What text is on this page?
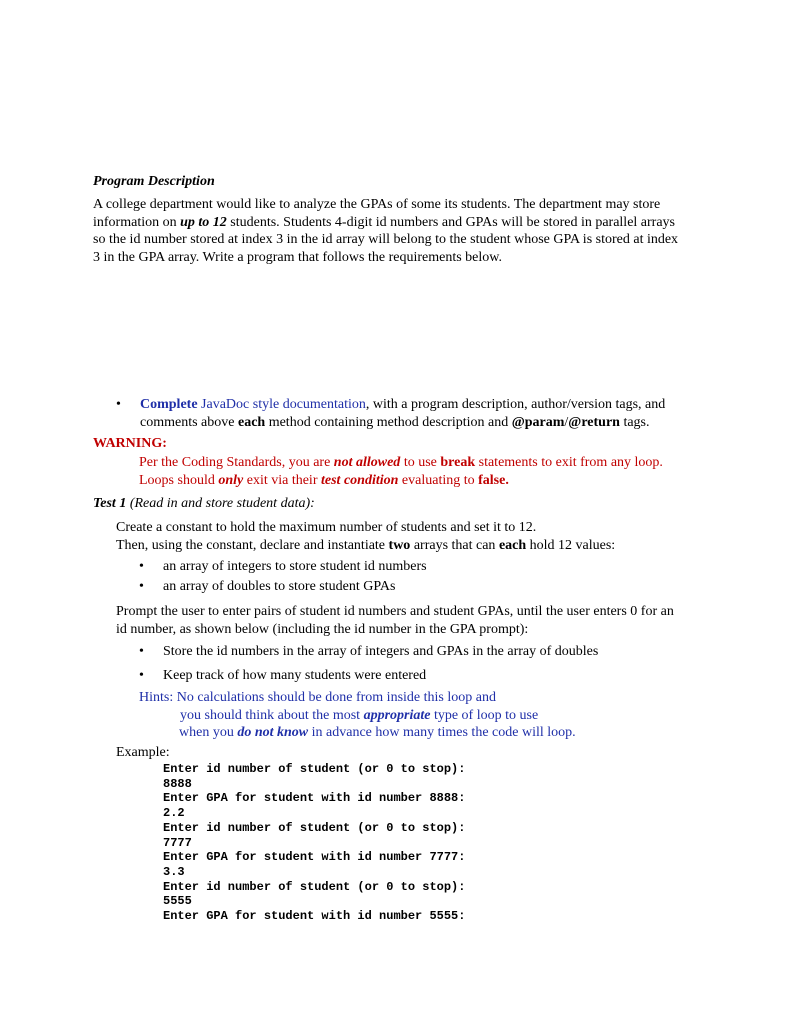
Program Description
A college department would like to analyze the GPAs of some its students. The department may store
information on up to 12 students. Students 4-digit id numbers and GPAs will be stored in parallel arrays
so the id number stored at index 3 in the id array will belong to the student whose GPA is stored at index
3 in the GPA array. Write a program that follows the requirements below.
•	Complete JavaDoc style documentation, with a program description, author/version tags, and
comments above each method containing method description and @param/@return tags.
WARNING:
Per the Coding Standards, you are not allowed to use break statements to exit from any loop.
Loops should only exit via their test condition evaluating to false.
Test 1 (Read in and store student data):
Create a constant to hold the maximum number of students and set it to 12.
Then, using the constant, declare and instantiate two arrays that can each hold 12 values:
•	an array of integers to store student id numbers
•	an array of doubles to store student GPAs
Prompt the user to enter pairs of student id numbers and student GPAs, until the user enters 0 for an
id number, as shown below (including the id number in the GPA prompt):
•	Store the id numbers in the array of integers and GPAs in the array of doubles
•	Keep track of how many students were entered
Hints: No calculations should be done from inside this loop and
you should think about the most appropriate type of loop to use
when you do not know in advance how many times the code will loop.
Example:
Enter id number of student (or 0 to stop):
8888
Enter GPA for student with id number 8888:
2.2
Enter id number of student (or 0 to stop):
7777
Enter GPA for student with id number 7777:
3.3
Enter id number of student (or 0 to stop):
5555
Enter GPA for student with id number 5555:
